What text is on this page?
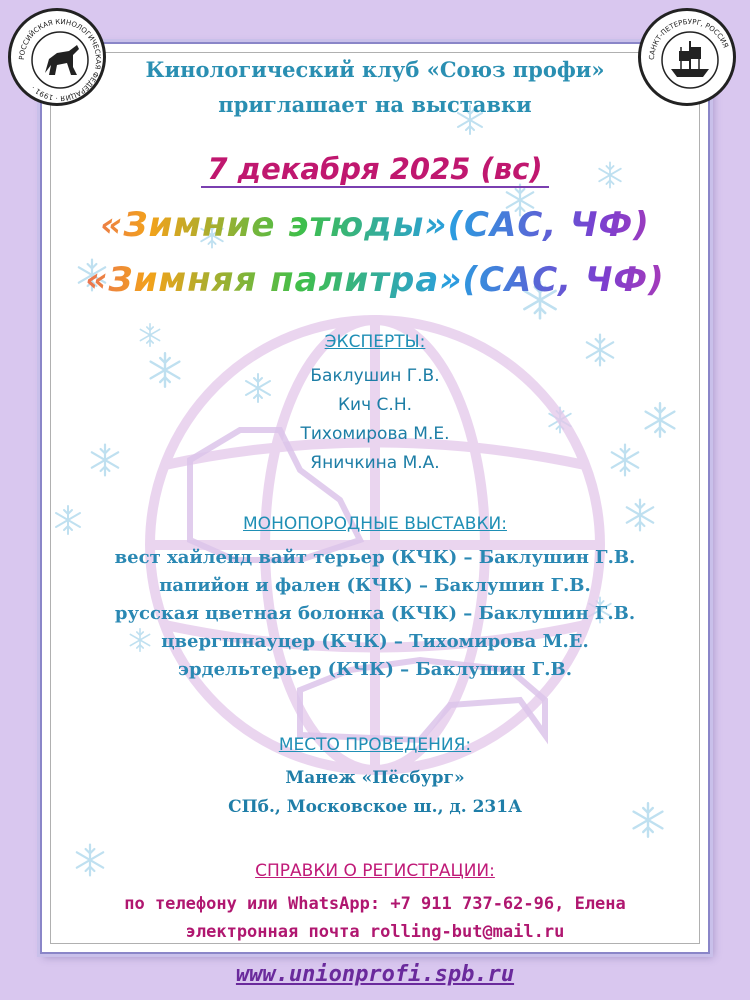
РОССИЙСКАЯ КИНОЛОГИЧЕСКАЯ ФЕДЕРАЦИЯ · 1991 ·
САНКТ-ПЕТЕРБУРГ, РОССИЯ
Кинологический клуб «Союз профи»
приглашает на выставки
7 декабря 2025 (вс)
«Зимние этюды»(САС, ЧФ)
«Зимняя палитра»(САС, ЧФ)
ЭКСПЕРТЫ:
Баклушин Г.В.
Кич С.Н.
Тихомирова М.Е.
Яничкина М.А.
МОНОПОРОДНЫЕ ВЫСТАВКИ:
вест хайленд вайт терьер (КЧК) – Баклушин Г.В.
папийон и фален (КЧК) – Баклушин Г.В.
русская цветная болонка (КЧК) – Баклушин Г.В.
цвергшнауцер (КЧК) – Тихомирова М.Е.
эрдельтерьер (КЧК) – Баклушин Г.В.
МЕСТО ПРОВЕДЕНИЯ:
Манеж «Пёсбург»
СПб., Московское ш., д. 231А
СПРАВКИ О РЕГИСТРАЦИИ:
по телефону или WhatsApp: +7 911 737-62-96, Елена
электронная почта rolling-but@mail.ru
www.unionprofi.spb.ru
